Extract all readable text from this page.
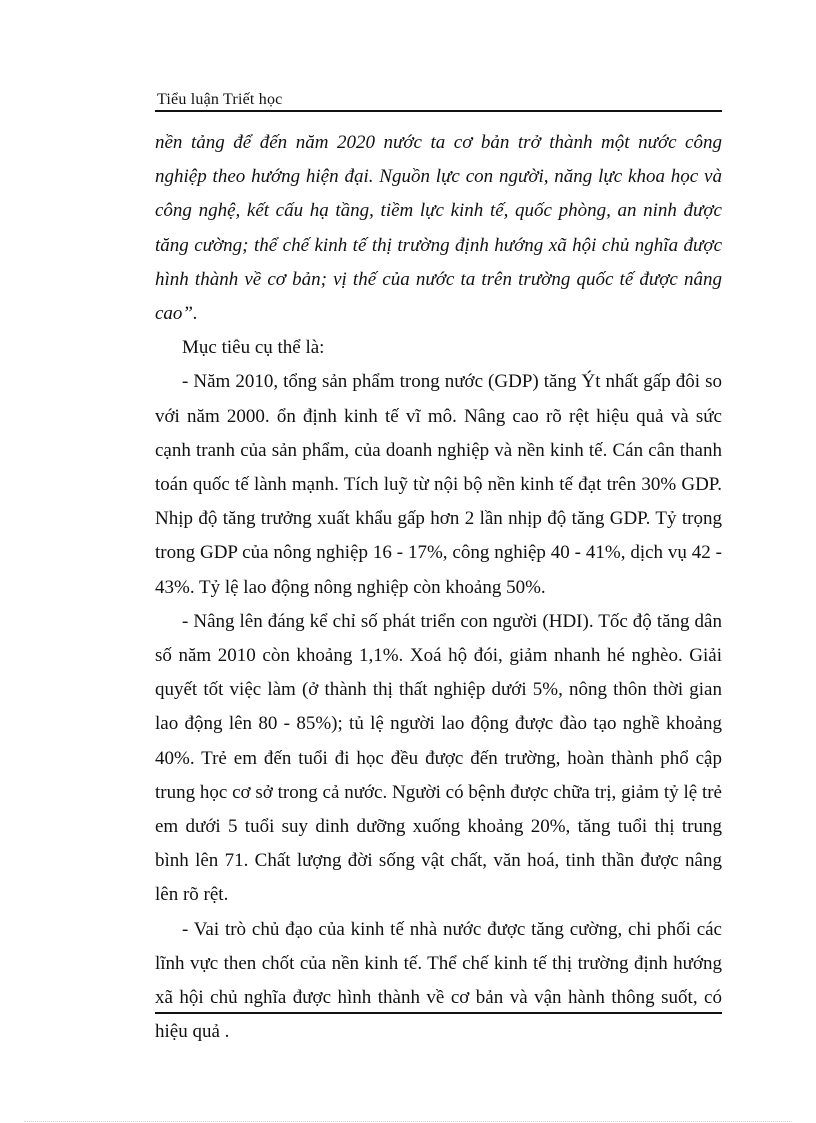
Tiểu luận Triết học

nền tảng để đến năm 2020 nước ta cơ bản trở thành một nước công nghiệp theo hướng hiện đại. Nguồn lực con người, năng lực khoa học và công nghệ, kết cấu hạ tầng, tiềm lực kinh tế, quốc phòng, an ninh được tăng cường; thể chế kinh tế thị trường định hướng xã hội chủ nghĩa được hình thành về cơ bản; vị thế của nước ta trên trường quốc tế được nâng cao”.

Mục tiêu cụ thể là:

- Năm 2010, tổng sản phẩm trong nước (GDP) tăng Ýt nhất gấp đôi so với năm 2000. ổn định kinh tế vĩ mô. Nâng cao rõ rệt hiệu quả và sức cạnh tranh của sản phẩm, của doanh nghiệp và nền kinh tế. Cán cân thanh toán quốc tế lành mạnh. Tích luỹ từ nội bộ nền kinh tế đạt trên 30% GDP. Nhịp độ tăng trưởng xuất khẩu gấp hơn 2 lần nhịp độ tăng GDP. Tỷ trọng trong GDP của nông nghiệp 16 - 17%, công nghiệp 40 - 41%, dịch vụ 42 - 43%. Tỷ lệ lao động nông nghiệp còn khoảng 50%.

- Nâng lên đáng kể chỉ số phát triển con người (HDI). Tốc độ tăng dân số năm 2010 còn khoảng 1,1%. Xoá hộ đói, giảm nhanh hé nghèo. Giải quyết tốt việc làm (ở thành thị thất nghiệp dưới 5%, nông thôn thời gian lao động lên 80 - 85%); tủ lệ người lao động được đào tạo nghề khoảng 40%. Trẻ em đến tuổi đi học đều được đến trường, hoàn thành phổ cập trung học cơ sở trong cả nước. Người có bệnh được chữa trị, giảm tỷ lệ trẻ em dưới 5 tuổi suy dinh dưỡng xuống khoảng 20%, tăng tuổi thị trung bình lên 71. Chất lượng đời sống vật chất, văn hoá, tinh thần được nâng lên rõ rệt.

- Vai trò chủ đạo của kinh tế nhà nước được tăng cường, chi phối các lĩnh vực then chốt của nền kinh tế. Thể chế kinh tế thị trường định hướng xã hội chủ nghĩa được hình thành về cơ bản và vận hành thông suốt, có hiệu quả .
